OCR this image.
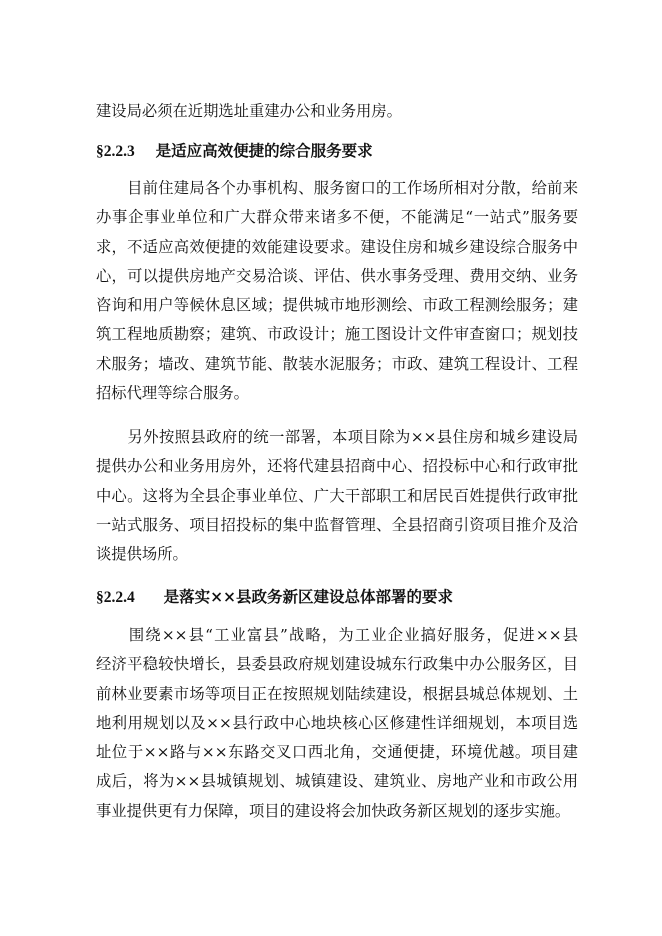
建设局必须在近期选址重建办公和业务用房。
§2.2.3 是适应高效便捷的综合服务要求
　　目前住建局各个办事机构、服务窗口的工作场所相对分散，给前来
办事企事业单位和广大群众带来诸多不便，不能满足“一站式”服务要
求，不适应高效便捷的效能建设要求。建设住房和城乡建设综合服务中
心，可以提供房地产交易洽谈、评估、供水事务受理、费用交纳、业务
咨询和用户等候休息区域；提供城市地形测绘、市政工程测绘服务；建
筑工程地质勘察；建筑、市政设计；施工图设计文件审查窗口；规划技
术服务；墙改、建筑节能、散装水泥服务；市政、建筑工程设计、工程
招标代理等综合服务。
　　另外按照县政府的统一部署，本项目除为××县住房和城乡建设局
提供办公和业务用房外，还将代建县招商中心、招投标中心和行政审批
中心。这将为全县企事业单位、广大干部职工和居民百姓提供行政审批
一站式服务、项目招投标的集中监督管理、全县招商引资项目推介及洽
谈提供场所。
§2.2.4 是落实××县政务新区建设总体部署的要求
　　围绕××县“工业富县”战略，为工业企业搞好服务，促进××县
经济平稳较快增长，县委县政府规划建设城东行政集中办公服务区，目
前林业要素市场等项目正在按照规划陆续建设，根据县城总体规划、土
地利用规划以及××县行政中心地块核心区修建性详细规划，本项目选
址位于××路与××东路交叉口西北角，交通便捷，环境优越。项目建
成后，将为××县城镇规划、城镇建设、建筑业、房地产业和市政公用
事业提供更有力保障，项目的建设将会加快政务新区规划的逐步实施。
